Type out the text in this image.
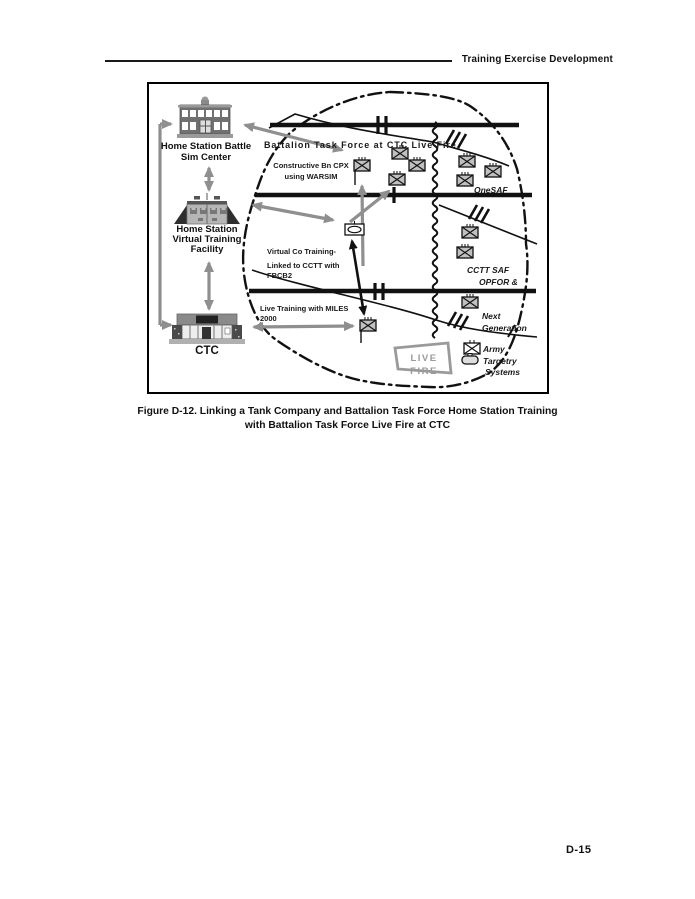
Training Exercise Development
LIVE
FIRE
Battalion Task Force at CTC Live Fire
Constructive Bn CPX
using WARSIM
Virtual Co Training-
Linked to CCTT with
FBCB2
Live Training with MILES
2000
OneSAF
CCTT SAF
OPFOR &
Next
Generation
Army
Targetry
Systems
Home Station Battle
Sim Center
Home Station
Virtual Training
Facility
CTC
Figure D-12. Linking a Tank Company and Battalion Task Force Home Station Training
with Battalion Task Force Live Fire at CTC
D-15
